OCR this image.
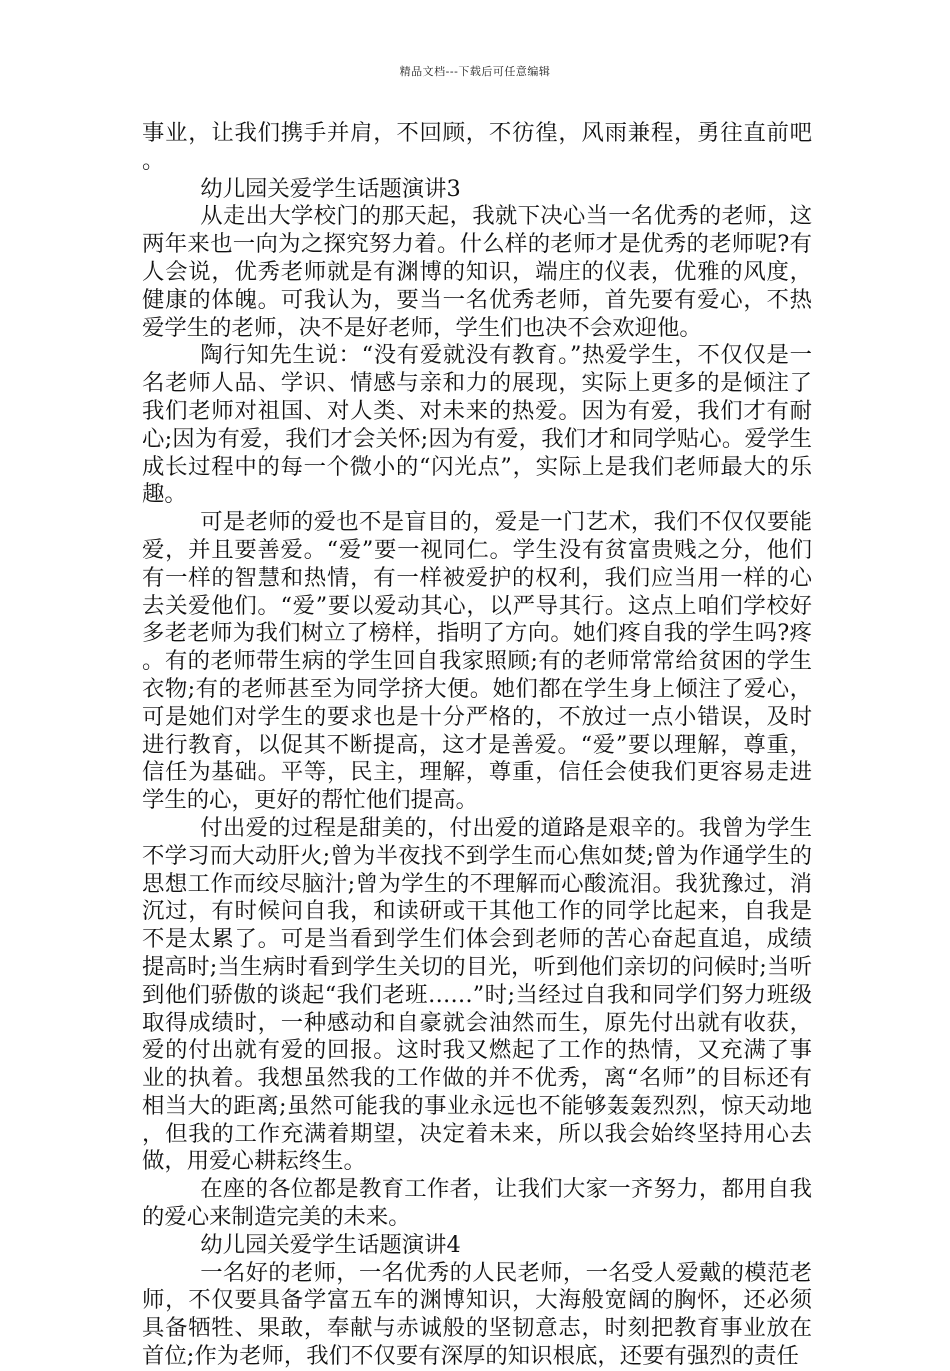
精品文档---下载后可任意编辑

事业，让我们携手并肩，不回顾，不彷徨，风雨兼程，勇往直前吧。

幼儿园关爱学生话题演讲3

从走出大学校门的那天起，我就下决心当一名优秀的老师，这两年来也一向为之探究努力着。什么样的老师才是优秀的老师呢?有人会说，优秀老师就是有渊博的知识，端庄的仪表，优雅的风度，健康的体魄。可我认为，要当一名优秀老师，首先要有爱心，不热爱学生的老师，决不是好老师，学生们也决不会欢迎他。

陶行知先生说：“没有爱就没有教育。”热爱学生，不仅仅是一名老师人品、学识、情感与亲和力的展现，实际上更多的是倾注了我们老师对祖国、对人类、对未来的热爱。因为有爱，我们才有耐心;因为有爱，我们才会关怀;因为有爱，我们才和同学贴心。爱学生成长过程中的每一个微小的“闪光点”，实际上是我们老师最大的乐趣。

可是老师的爱也不是盲目的，爱是一门艺术，我们不仅仅要能爱，并且要善爱。“爱”要一视同仁。学生没有贫富贵贱之分，他们有一样的智慧和热情，有一样被爱护的权利，我们应当用一样的心去关爱他们。“爱”要以爱动其心，以严导其行。这点上咱们学校好多老老师为我们树立了榜样，指明了方向。她们疼自我的学生吗?疼。有的老师带生病的学生回自我家照顾;有的老师常常给贫困的学生衣物;有的老师甚至为同学挤大便。她们都在学生身上倾注了爱心，可是她们对学生的要求也是十分严格的，不放过一点小错误，及时进行教育，以促其不断提高，这才是善爱。“爱”要以理解，尊重，信任为基础。平等，民主，理解，尊重，信任会使我们更容易走进学生的心，更好的帮忙他们提高。

付出爱的过程是甜美的，付出爱的道路是艰辛的。我曾为学生不学习而大动肝火;曾为半夜找不到学生而心焦如焚;曾为作通学生的思想工作而绞尽脑汁;曾为学生的不理解而心酸流泪。我犹豫过，消沉过，有时候问自我，和读研或干其他工作的同学比起来，自我是不是太累了。可是当看到学生们体会到老师的苦心奋起直追，成绩提高时;当生病时看到学生关切的目光，听到他们亲切的问候时;当听到他们骄傲的谈起“我们老班……”时;当经过自我和同学们努力班级取得成绩时，一种感动和自豪就会油然而生，原先付出就有收获，爱的付出就有爱的回报。这时我又燃起了工作的热情，又充满了事业的执着。我想虽然我的工作做的并不优秀，离“名师”的目标还有相当大的距离;虽然可能我的事业永远也不能够轰轰烈烈，惊天动地，但我的工作充满着期望，决定着未来，所以我会始终坚持用心去做，用爱心耕耘终生。

在座的各位都是教育工作者，让我们大家一齐努力，都用自我的爱心来制造完美的未来。

幼儿园关爱学生话题演讲4

一名好的老师，一名优秀的人民老师，一名受人爱戴的模范老师，不仅要具备学富五车的渊博知识，大海般宽阔的胸怀，还必须具备牺牲、果敢，奉献与赤诚般的坚韧意志，时刻把教育事业放在首位;作为老师，我们不仅要有深厚的知识根底，还要有强烈的责任
